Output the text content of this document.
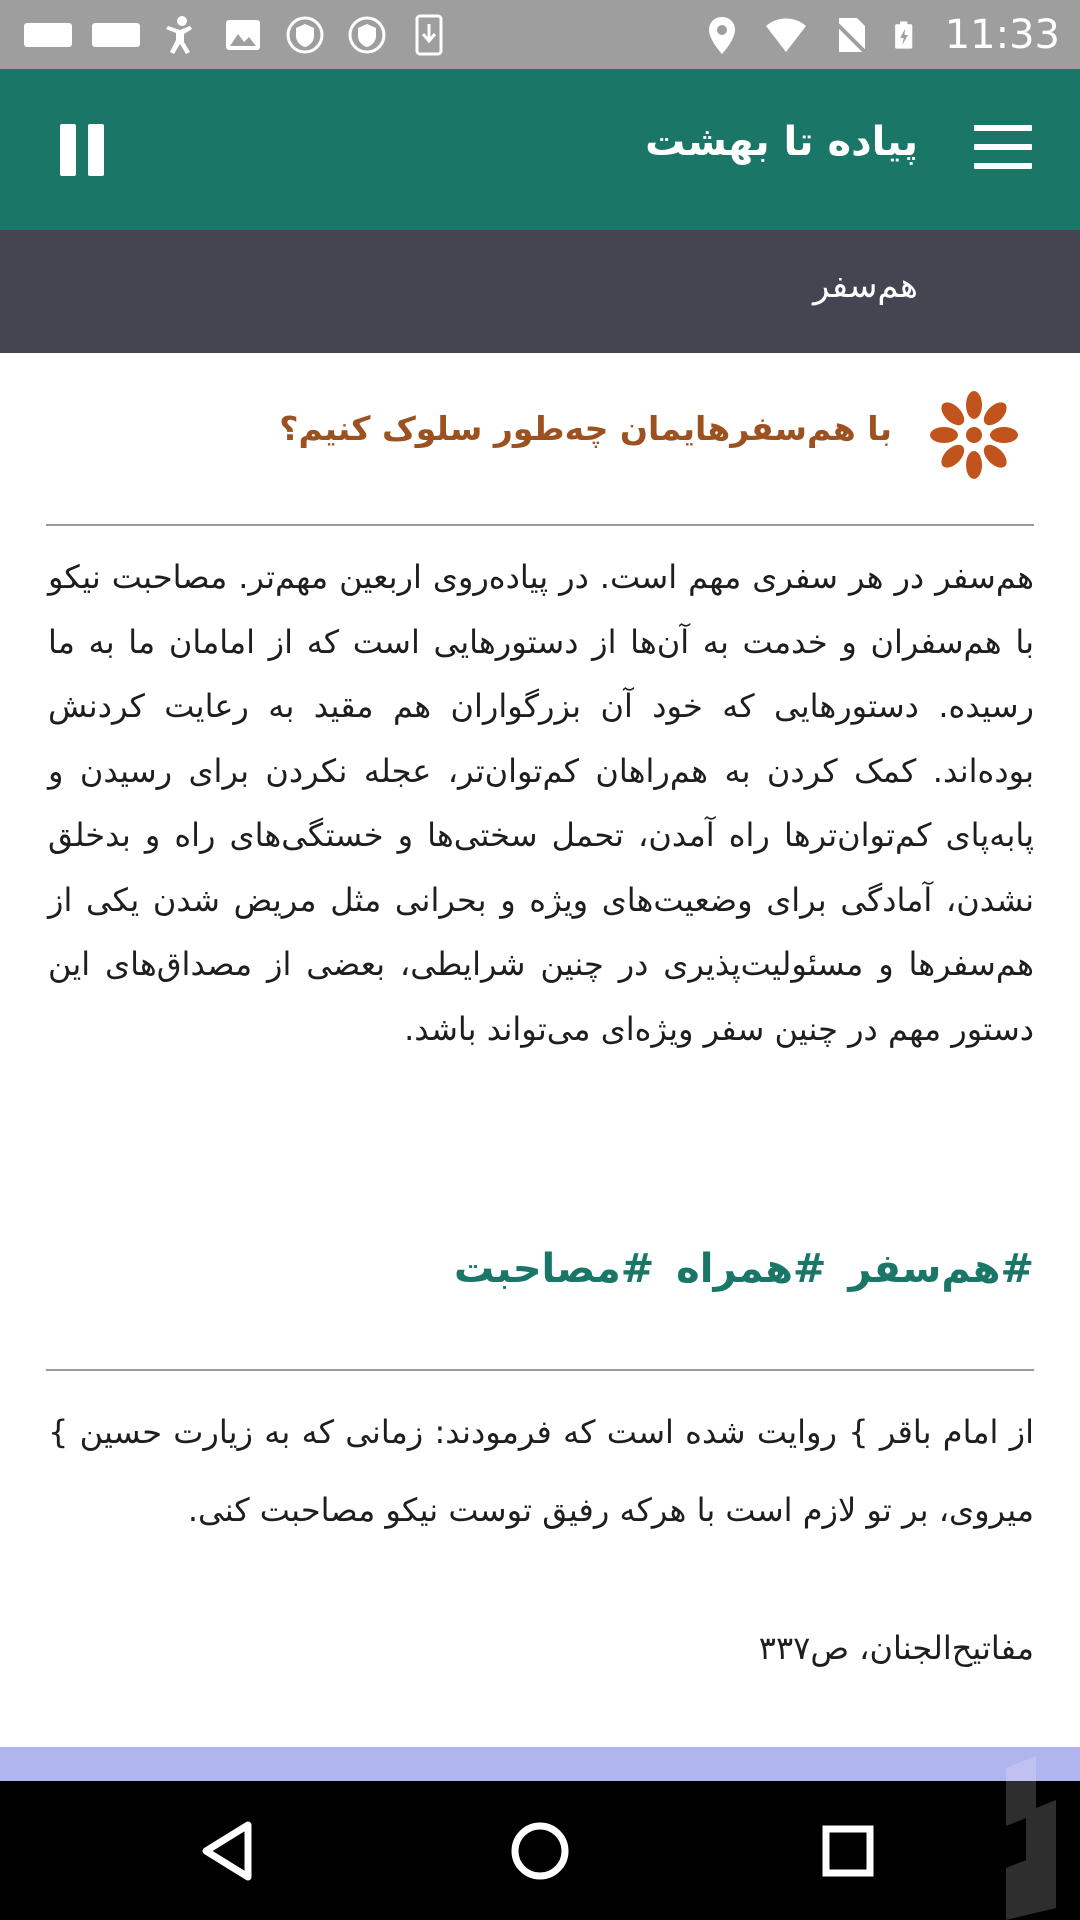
11:33
پیاده تا بهشت
هم‌سفر
با هم‌سفرهایمان چه‌طور سلوک کنیم؟
هم‌سفر در هر سفری مهم است. در پیاده‌روی اربعین مهم‌تر. مصاحبت نیکو با هم‌سفران و خدمت به آن‌ها از دستورهایی است که از امامان ما به ما رسیده. دستورهایی که خود آن بزرگواران هم مقید به رعایت کردنش بوده‌اند. کمک کردن به هم‌راهان کم‌توان‌تر، عجله نکردن برای رسیدن و پابه‌پای کم‌توان‌ترها راه آمدن، تحمل سختی‌ها و خستگی‌های راه و بدخلق نشدن، آمادگی برای وضعیت‌های ویژه و بحرانی مثل مریض شدن یکی از هم‌سفرها و مسئولیت‌پذیری در چنین شرایطی، بعضی از مصداق‌های این دستور مهم در چنین سفر ویژه‌ای می‌تواند باشد.
#هم‌سفر #همراه #مصاحبت
از امام باقر } روایت شده است که فرمودند: زمانی که به زیارت حسین } میروی، بر تو لازم است با هرکه رفیق توست نیکو مصاحبت کنی.
مفاتیح‌الجنان، ص۳۳۷
